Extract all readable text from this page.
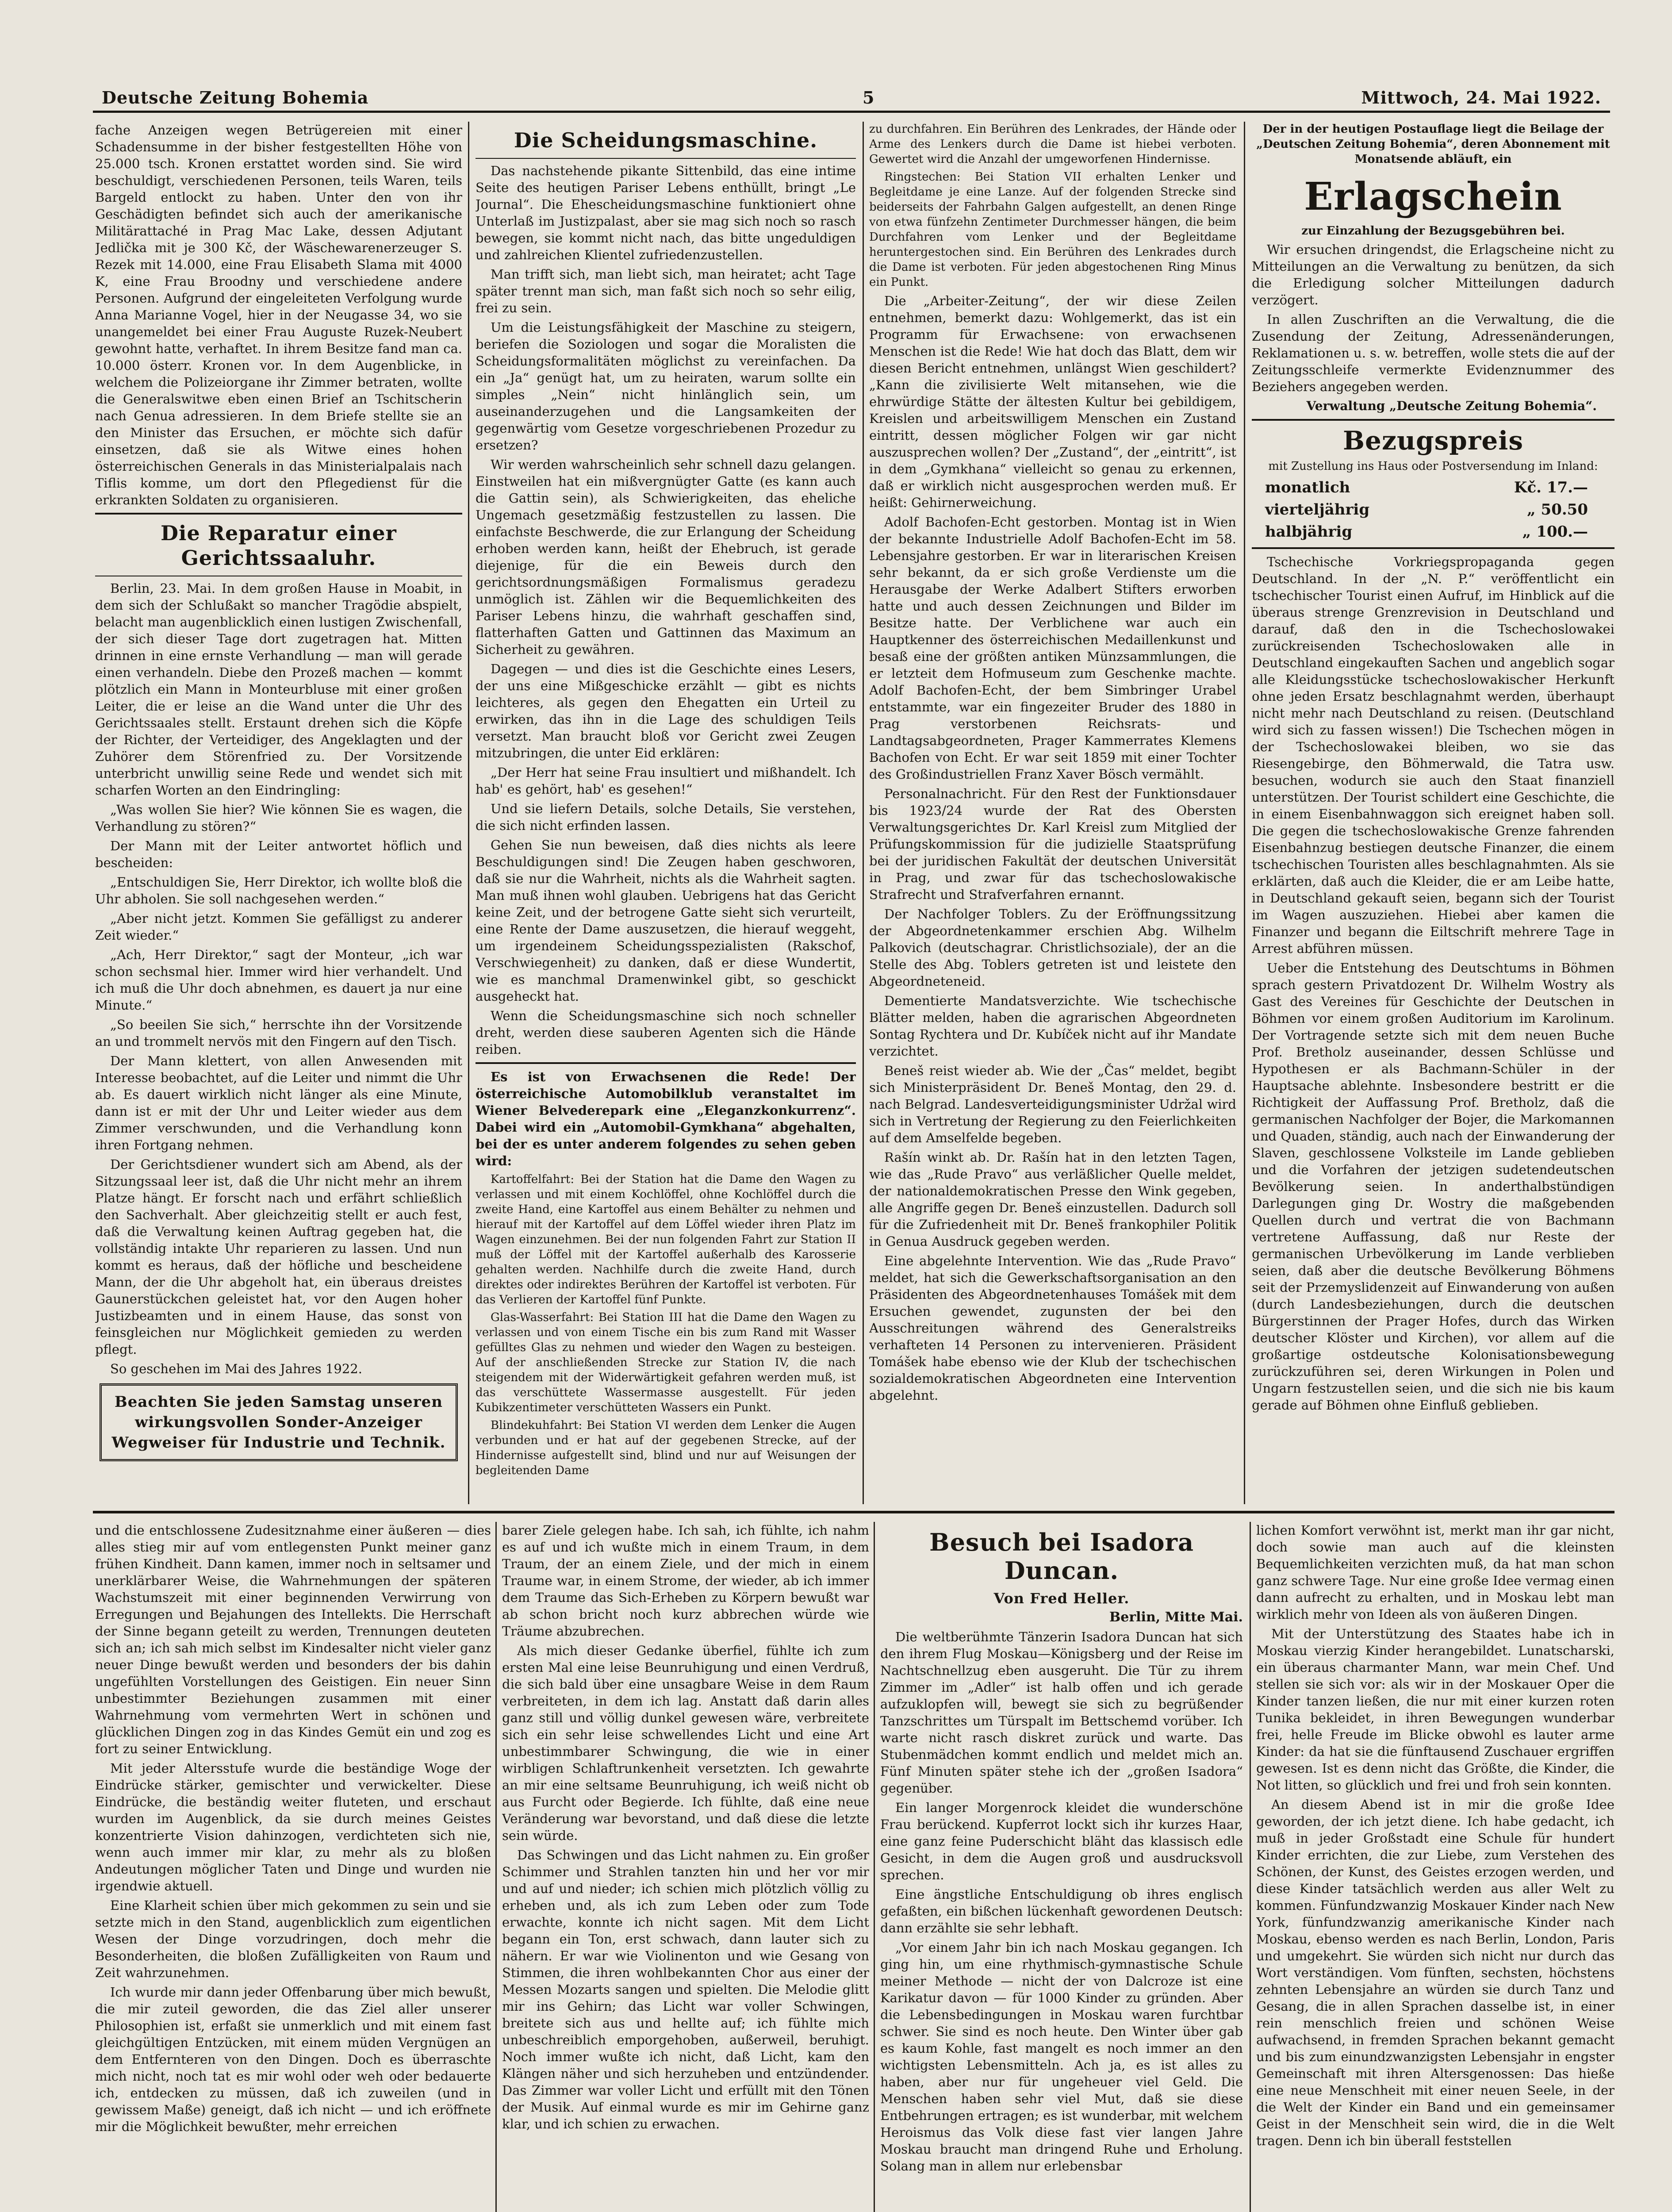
Deutsche Zeitung Bohemia	5	Mittwoch, 24. Mai 1922.

fache Anzeigen wegen Betrügereien mit einer Schadensumme in der bisher festgestellten Höhe von 25.000 tsch. Kronen erstattet worden sind. Sie wird beschuldigt, verschiedenen Personen, teils Waren, teils Bargeld entlockt zu haben. Unter den von ihr Geschädigten befindet sich auch der amerikanische Militärattaché in Prag Mac Lake, dessen Adjutant Jedlička mit je 300 Kč, der Wäschewarenerzeuger S. Rezek mit 14.000, eine Frau Elisabeth Slama mit 4000 K, eine Frau Broodny und verschiedene andere Personen. Aufgrund der eingeleiteten Verfolgung wurde Anna Marianne Vogel, hier in der Neugasse 34, wo sie unangemeldet bei einer Frau Auguste Ruzek-Neubert gewohnt hatte, verhaftet. In ihrem Besitze fand man ca. 10.000 österr. Kronen vor. In dem Augenblicke, in welchem die Polizeiorgane ihr Zimmer betraten, wollte die Generalswitwe eben einen Brief an Tschitscherin nach Genua adressieren. In dem Briefe stellte sie an den Minister das Ersuchen, er möchte sich dafür einsetzen, daß sie als Witwe eines hohen österreichischen Generals in das Ministerialpalais nach Tiflis komme, um dort den Pflegedienst für die erkrankten Soldaten zu organisieren.

Die Reparatur einer Gerichtssaaluhr.

Berlin, 23. Mai. In dem großen Hause in Moabit, in dem sich der Schlußakt so mancher Tragödie abspielt, belacht man augenblicklich einen lustigen Zwischenfall, der sich dieser Tage dort zugetragen hat. Mitten drinnen in eine ernste Verhandlung — man will gerade einen verhandeln. Diebe den Prozeß machen — kommt plötzlich ein Mann in Monteurbluse mit einer großen Leiter, die er leise an die Wand unter die Uhr des Gerichtssaales stellt. Erstaunt drehen sich die Köpfe der Richter, der Verteidiger, des Angeklagten und der Zuhörer dem Störenfried zu. Der Vorsitzende unterbricht unwillig seine Rede und wendet sich mit scharfen Worten an den Eindringling:

„Was wollen Sie hier? Wie können Sie es wagen, die Verhandlung zu stören?“

Der Mann mit der Leiter antwortet höflich und bescheiden:

„Entschuldigen Sie, Herr Direktor, ich wollte bloß die Uhr abholen. Sie soll nachgesehen werden.“

„Aber nicht jetzt. Kommen Sie gefälligst zu anderer Zeit wieder.“

„Ach, Herr Direktor,“ sagt der Monteur, „ich war schon sechsmal hier. Immer wird hier verhandelt. Und ich muß die Uhr doch abnehmen, es dauert ja nur eine Minute.“

„So beeilen Sie sich,“ herrschte ihn der Vorsitzende an und trommelt nervös mit den Fingern auf den Tisch.

Der Mann klettert, von allen Anwesenden mit Interesse beobachtet, auf die Leiter und nimmt die Uhr ab. Es dauert wirklich nicht länger als eine Minute, dann ist er mit der Uhr und Leiter wieder aus dem Zimmer verschwunden, und die Verhandlung konn ihren Fortgang nehmen.

Der Gerichtsdiener wundert sich am Abend, als der Sitzungssaal leer ist, daß die Uhr nicht mehr an ihrem Platze hängt. Er forscht nach und erfährt schließlich den Sachverhalt. Aber gleichzeitig stellt er auch fest, daß die Verwaltung keinen Auftrag gegeben hat, die vollständig intakte Uhr reparieren zu lassen. Und nun kommt es heraus, daß der höfliche und bescheidene Mann, der die Uhr abgeholt hat, ein überaus dreistes Gaunerstückchen geleistet hat, vor den Augen hoher Justizbeamten und in einem Hause, das sonst von feinsgleichen nur Möglichkeit gemieden zu werden pflegt.

So geschehen im Mai des Jahres 1922.

Beachten Sie jeden Samstag unseren wirkungsvollen Sonder-Anzeiger Wegweiser für Industrie und Technik.
Die Scheidungsmaschine.

Das nachstehende pikante Sittenbild, das eine intime Seite des heutigen Pariser Lebens enthüllt, bringt „Le Journal“. Die Ehescheidungsmaschine funktioniert ohne Unterlaß im Justizpalast, aber sie mag sich noch so rasch bewegen, sie kommt nicht nach, das bitte ungeduldigen und zahlreichen Klientel zufriedenzustellen.

Man trifft sich, man liebt sich, man heiratet; acht Tage später trennt man sich, man faßt sich noch so sehr eilig, frei zu sein.

Um die Leistungsfähigkeit der Maschine zu steigern, beriefen die Soziologen und sogar die Moralisten die Scheidungsformalitäten möglichst zu vereinfachen. Da ein „Ja“ genügt hat, um zu heiraten, warum sollte ein simples „Nein“ nicht hinlänglich sein, um auseinanderzugehen und die Langsamkeiten der gegenwärtig vom Gesetze vorgeschriebenen Prozedur zu ersetzen?

Wir werden wahrscheinlich sehr schnell dazu gelangen. Einstweilen hat ein mißvergnügter Gatte (es kann auch die Gattin sein), als Schwierigkeiten, das eheliche Ungemach gesetzmäßig festzustellen zu lassen. Die einfachste Beschwerde, die zur Erlangung der Scheidung erhoben werden kann, heißt der Ehebruch, ist gerade diejenige, für die ein Beweis durch den gerichtsordnungsmäßigen Formalismus geradezu unmöglich ist. Zählen wir die Bequemlichkeiten des Pariser Lebens hinzu, die wahrhaft geschaffen sind, flatterhaften Gatten und Gattinnen das Maximum an Sicherheit zu gewähren.

Dagegen — und dies ist die Geschichte eines Lesers, der uns eine Mißgeschicke erzählt — gibt es nichts leichteres, als gegen den Ehegatten ein Urteil zu erwirken, das ihn in die Lage des schuldigen Teils versetzt. Man braucht bloß vor Gericht zwei Zeugen mitzubringen, die unter Eid erklären:

„Der Herr hat seine Frau insultiert und mißhandelt. Ich hab' es gehört, hab' es gesehen!“

Und sie liefern Details, solche Details, Sie verstehen, die sich nicht erfinden lassen.

Gehen Sie nun beweisen, daß dies nichts als leere Beschuldigungen sind! Die Zeugen haben geschworen, daß sie nur die Wahrheit, nichts als die Wahrheit sagten. Man muß ihnen wohl glauben. Uebrigens hat das Gericht keine Zeit, und der betrogene Gatte sieht sich verurteilt, eine Rente der Dame auszusetzen, die hierauf weggeht, um irgendeinem Scheidungsspezialisten (Rakschof, Verschwiegenheit) zu danken, daß er diese Wundertit, wie es manchmal Dramenwinkel gibt, so geschickt ausgeheckt hat.

Wenn die Scheidungsmaschine sich noch schneller dreht, werden diese sauberen Agenten sich die Hände reiben.

Es ist von Erwachsenen die Rede! Der österreichische Automobilklub veranstaltet im Wiener Belvederepark eine „Eleganzkonkurrenz“. Dabei wird ein „Automobil-Gymkhana“ abgehalten, bei der es unter anderem folgendes zu sehen geben wird:

Kartoffelfahrt: Bei der Station hat die Dame den Wagen zu verlassen und mit einem Kochlöffel, ohne Kochlöffel durch die zweite Hand, eine Kartoffel aus einem Behälter zu nehmen und hierauf mit der Kartoffel auf dem Löffel wieder ihren Platz im Wagen einzunehmen. Bei der nun folgenden Fahrt zur Station II muß der Löffel mit der Kartoffel außerhalb des Karosserie gehalten werden. Nachhilfe durch die zweite Hand, durch direktes oder indirektes Berühren der Kartoffel ist verboten. Für das Verlieren der Kartoffel fünf Punkte.

Glas-Wasserfahrt: Bei Station III hat die Dame den Wagen zu verlassen und von einem Tische ein bis zum Rand mit Wasser gefülltes Glas zu nehmen und wieder den Wagen zu besteigen. Auf der anschließenden Strecke zur Station IV, die nach steigendem mit der Widerwärtigkeit gefahren werden muß, ist das verschüttete Wassermasse ausgestellt. Für jeden Kubikzentimeter verschütteten Wassers ein Punkt.

Blindekuhfahrt: Bei Station VI werden dem Lenker die Augen verbunden und er hat auf der gegebenen Strecke, auf der Hindernisse aufgestellt sind, blind und nur auf Weisungen der begleitenden Dame

zu durchfahren. Ein Berühren des Lenkrades, der Hände oder Arme des Lenkers durch die Dame ist hiebei verboten. Gewertet wird die Anzahl der umgeworfenen Hindernisse.

Ringstechen: Bei Station VII erhalten Lenker und Begleitdame je eine Lanze. Auf der folgenden Strecke sind beiderseits der Fahrbahn Galgen aufgestellt, an denen Ringe von etwa fünfzehn Zentimeter Durchmesser hängen, die beim Durchfahren vom Lenker und der Begleitdame heruntergestochen sind. Ein Berühren des Lenkrades durch die Dame ist verboten. Für jeden abgestochenen Ring Minus ein Punkt.

Die „Arbeiter-Zeitung“, der wir diese Zeilen entnehmen, bemerkt dazu: Wohlgemerkt, das ist ein Programm für Erwachsene: von erwachsenen Menschen ist die Rede! Wie hat doch das Blatt, dem wir diesen Bericht entnehmen, unlängst Wien geschildert? „Kann die zivilisierte Welt mitansehen, wie die ehrwürdige Stätte der ältesten Kultur bei gebildigem, Kreislen und arbeitswilligem Menschen ein Zustand eintritt, dessen möglicher Folgen wir gar nicht auszusprechen wollen? Der „Zustand“, der „eintritt“, ist in dem „Gymkhana“ vielleicht so genau zu erkennen, daß er wirklich nicht ausgesprochen werden muß. Er heißt: Gehirnerweichung.

Adolf Bachofen-Echt gestorben. Montag ist in Wien der bekannte Industrielle Adolf Bachofen-Echt im 58. Lebensjahre gestorben. Er war in literarischen Kreisen sehr bekannt, da er sich große Verdienste um die Herausgabe der Werke Adalbert Stifters erworben hatte und auch dessen Zeichnungen und Bilder im Besitze hatte. Der Verblichene war auch ein Hauptkenner des österreichischen Medaillenkunst und besaß eine der größten antiken Münzsammlungen, die er letzteit dem Hofmuseum zum Geschenke machte. Adolf Bachofen-Echt, der bem Simbringer Urabel entstammte, war ein fingezeiter Bruder des 1880 in Prag verstorbenen Reichsrats- und Landtagsabgeordneten, Prager Kammerrates Klemens Bachofen von Echt. Er war seit 1859 mit einer Tochter des Großindustriellen Franz Xaver Bösch vermählt.

Personalnachricht. Für den Rest der Funktionsdauer bis 1923/24 wurde der Rat des Obersten Verwaltungsgerichtes Dr. Karl Kreisl zum Mitglied der Prüfungskommission für die judizielle Staatsprüfung bei der juridischen Fakultät der deutschen Universität in Prag, und zwar für das tschechoslowakische Strafrecht und Strafverfahren ernannt.

Der Nachfolger Toblers. Zu der Eröffnungssitzung der Abgeordnetenkammer erschien Abg. Wilhelm Palkovich (deutschagrar. Christlichsoziale), der an die Stelle des Abg. Toblers getreten ist und leistete den Abgeordneteneid.

Dementierte Mandatsverzichte. Wie tschechische Blätter melden, haben die agrarischen Abgeordneten Sontag Rychtera und Dr. Kubíček nicht auf ihr Mandate verzichtet.

Beneš reist wieder ab. Wie der „Čas“ meldet, begibt sich Ministerpräsident Dr. Beneš Montag, den 29. d. nach Belgrad. Landesverteidigungsminister Udržal wird sich in Vertretung der Regierung zu den Feierlichkeiten auf dem Amselfelde begeben.

Rašín winkt ab. Dr. Rašín hat in den letzten Tagen, wie das „Rude Pravo“ aus verläßlicher Quelle meldet, der nationaldemokratischen Presse den Wink gegeben, alle Angriffe gegen Dr. Beneš einzustellen. Dadurch soll für die Zufriedenheit mit Dr. Beneš frankophiler Politik in Genua Ausdruck gegeben werden.

Eine abgelehnte Intervention. Wie das „Rude Pravo“ meldet, hat sich die Gewerkschaftsorganisation an den Präsidenten des Abgeordnetenhauses Tomášek mit dem Ersuchen gewendet, zugunsten der bei den Ausschreitungen während des Generalstreiks verhafteten 14 Personen zu intervenieren. Präsident Tomášek habe ebenso wie der Klub der tschechischen sozialdemokratischen Abgeordneten eine Intervention abgelehnt.

Der in der heutigen Postauflage liegt die Beilage der „Deutschen Zeitung Bohemia“, deren Abonnement mit Monatsende abläuft, ein

Erlagschein

zur Einzahlung der Bezugsgebühren bei.

Wir ersuchen dringendst, die Erlagscheine nicht zu Mitteilungen an die Verwaltung zu benützen, da sich die Erledigung solcher Mitteilungen dadurch verzögert.

In allen Zuschriften an die Verwaltung, die die Zusendung der Zeitung, Adressenänderungen, Reklamationen u. s. w. betreffen, wolle stets die auf der Zeitungsschleife vermerkte Evidenznummer des Beziehers angegeben werden.

Verwaltung „Deutsche Zeitung Bohemia“.

Bezugspreis

mit Zustellung ins Haus oder Postversendung im Inland:

monatlich	Kč. 17.—
vierteljährig	„ 50.50
halbjährig	„ 100.—

Tschechische Vorkriegspropaganda gegen Deutschland. In der „N. P.“ veröffentlicht ein tschechischer Tourist einen Aufruf, im Hinblick auf die überaus strenge Grenzrevision in Deutschland und darauf, daß den in die Tschechoslowakei zurückreisenden Tschechoslowaken alle in Deutschland eingekauften Sachen und angeblich sogar alle Kleidungsstücke tschechoslowakischer Herkunft ohne jeden Ersatz beschlagnahmt werden, überhaupt nicht mehr nach Deutschland zu reisen. (Deutschland wird sich zu fassen wissen!) Die Tschechen mögen in der Tschechoslowakei bleiben, wo sie das Riesengebirge, den Böhmerwald, die Tatra usw. besuchen, wodurch sie auch den Staat finanziell unterstützen. Der Tourist schildert eine Geschichte, die in einem Eisenbahnwaggon sich ereignet haben soll. Die gegen die tschechoslowakische Grenze fahrenden Eisenbahnzug bestiegen deutsche Finanzer, die einem tschechischen Touristen alles beschlagnahmten. Als sie erklärten, daß auch die Kleider, die er am Leibe hatte, in Deutschland gekauft seien, begann sich der Tourist im Wagen auszuziehen. Hiebei aber kamen die Finanzer und begann die Eiltschrift mehrere Tage in Arrest abführen müssen.

Ueber die Entstehung des Deutschtums in Böhmen sprach gestern Privatdozent Dr. Wilhelm Wostry als Gast des Vereines für Geschichte der Deutschen in Böhmen vor einem großen Auditorium im Karolinum. Der Vortragende setzte sich mit dem neuen Buche Prof. Bretholz auseinander, dessen Schlüsse und Hypothesen er als Bachmann-Schüler in der Hauptsache ablehnte. Insbesondere bestritt er die Richtigkeit der Auffassung Prof. Bretholz, daß die germanischen Nachfolger der Bojer, die Markomannen und Quaden, ständig, auch nach der Einwanderung der Slaven, geschlossene Volksteile im Lande geblieben und die Vorfahren der jetzigen sudetendeutschen Bevölkerung seien. In anderthalbstündigen Darlegungen ging Dr. Wostry die maßgebenden Quellen durch und vertrat die von Bachmann vertretene Auffassung, daß nur Reste der germanischen Urbevölkerung im Lande verblieben seien, daß aber die deutsche Bevölkerung Böhmens seit der Przemyslidenzeit auf Einwanderung von außen (durch Landesbeziehungen, durch die deutschen Bürgerstinnen der Prager Hofes, durch das Wirken deutscher Klöster und Kirchen), vor allem auf die großartige ostdeutsche Kolonisationsbewegung zurückzuführen sei, deren Wirkungen in Polen und Ungarn festzustellen seien, und die sich nie bis kaum gerade auf Böhmen ohne Einfluß geblieben.

und die entschlossene Zudesitznahme einer äußeren — dies alles stieg mir auf vom entlegensten Punkt meiner ganz frühen Kindheit. Dann kamen, immer noch in seltsamer und unerklärbarer Weise, die Wahrnehmungen der späteren Wachstumszeit mit einer beginnenden Verwirrung von Erregungen und Bejahungen des Intellekts. Die Herrschaft der Sinne begann geteilt zu werden, Trennungen deuteten sich an; ich sah mich selbst im Kindesalter nicht vieler ganz neuer Dinge bewußt werden und besonders der bis dahin ungefühlten Vorstellungen des Geistigen. Ein neuer Sinn unbestimmter Beziehungen zusammen mit einer Wahrnehmung vom vermehrten Wert in schönen und glücklichen Dingen zog in das Kindes Gemüt ein und zog es fort zu seiner Entwicklung.

Mit jeder Altersstufe wurde die beständige Woge der Eindrücke stärker, gemischter und verwickelter. Diese Eindrücke, die beständig weiter fluteten, und erschaut wurden im Augenblick, da sie durch meines Geistes konzentrierte Vision dahinzogen, verdichteten sich nie, wenn auch immer mir klar, zu mehr als zu bloßen Andeutungen möglicher Taten und Dinge und wurden nie irgendwie aktuell.

Eine Klarheit schien über mich gekommen zu sein und sie setzte mich in den Stand, augenblicklich zum eigentlichen Wesen der Dinge vorzudringen, doch mehr die Besonderheiten, die bloßen Zufälligkeiten von Raum und Zeit wahrzunehmen.

Ich wurde mir dann jeder Offenbarung über mich bewußt, die mir zuteil geworden, die das Ziel aller unserer Philosophien ist, erfaßt sie unmerklich und mit einem fast gleichgültigen Entzücken, mit einem müden Vergnügen an dem Entfernteren von den Dingen. Doch es überraschte mich nicht, noch tat es mir wohl oder weh oder bedauerte ich, entdecken zu müssen, daß ich zuweilen (und in gewissem Maße) geneigt, daß ich nicht — und ich eröffnete mir die Möglichkeit bewußter, mehr erreichen

barer Ziele gelegen habe. Ich sah, ich fühlte, ich nahm es auf und ich wußte mich in einem Traum, in dem Traum, der an einem Ziele, und der mich in einem Traume war, in einem Strome, der wieder, ab ich immer dem Traume das Sich-Erheben zu Körpern bewußt war ab schon bricht noch kurz abbrechen würde wie Träume abzubrechen.

Als mich dieser Gedanke überfiel, fühlte ich zum ersten Mal eine leise Beunruhigung und einen Verdruß, die sich bald über eine unsagbare Weise in dem Raum verbreiteten, in dem ich lag. Anstatt daß darin alles ganz still und völlig dunkel gewesen wäre, verbreitete sich ein sehr leise schwellendes Licht und eine Art unbestimmbarer Schwingung, die wie in einer wirbligen Schlaftrunkenheit versetzten. Ich gewahrte an mir eine seltsame Beunruhigung, ich weiß nicht ob aus Furcht oder Begierde. Ich fühlte, daß eine neue Veränderung war bevorstand, und daß diese die letzte sein würde.

Das Schwingen und das Licht nahmen zu. Ein großer Schimmer und Strahlen tanzten hin und her vor mir und auf und nieder; ich schien mich plötzlich völlig zu erheben und, als ich zum Leben oder zum Tode erwachte, konnte ich nicht sagen. Mit dem Licht begann ein Ton, erst schwach, dann lauter sich zu nähern. Er war wie Violinenton und wie Gesang von Stimmen, die ihren wohlbekannten Chor aus einer der Messen Mozarts sangen und spielten. Die Melodie glitt mir ins Gehirn; das Licht war voller Schwingen, breitete sich aus und hellte auf; ich fühlte mich unbeschreiblich emporgehoben, außerweil, beruhigt. Noch immer wußte ich nicht, daß Licht, kam den Klängen näher und sich herzuheben und entzündender. Das Zimmer war voller Licht und erfüllt mit den Tönen der Musik. Auf einmal wurde es mir im Gehirne ganz klar, und ich schien zu erwachen.

Besuch bei Isadora Duncan.
Von Fred Heller.
Berlin, Mitte Mai.

Die weltberühmte Tänzerin Isadora Duncan hat sich den ihrem Flug Moskau—Königsberg und der Reise im Nachtschnellzug eben ausgeruht. Die Tür zu ihrem Zimmer im „Adler“ ist halb offen und ich gerade aufzuklopfen will, bewegt sie sich zu begrüßender Tanzschrittes um Türspalt im Bettschemd vorüber. Ich warte nicht rasch diskret zurück und warte. Das Stubenmädchen kommt endlich und meldet mich an. Fünf Minuten später stehe ich der „großen Isadora“ gegenüber.

Ein langer Morgenrock kleidet die wunderschöne Frau berückend. Kupferrot lockt sich ihr kurzes Haar, eine ganz feine Puderschicht bläht das klassisch edle Gesicht, in dem die Augen groß und ausdrucksvoll sprechen.

Eine ängstliche Entschuldigung ob ihres englisch gefaßten, ein bißchen lückenhaft gewordenen Deutsch: dann erzählte sie sehr lebhaft.

„Vor einem Jahr bin ich nach Moskau gegangen. Ich ging hin, um eine rhythmisch-gymnastische Schule meiner Methode — nicht der von Dalcroze ist eine Karikatur davon — für 1000 Kinder zu gründen. Aber die Lebensbedingungen in Moskau waren furchtbar schwer. Sie sind es noch heute. Den Winter über gab es kaum Kohle, fast mangelt es noch immer an den wichtigsten Lebensmitteln. Ach ja, es ist alles zu haben, aber nur für ungeheuer viel Geld. Die Menschen haben sehr viel Mut, daß sie diese Entbehrungen ertragen; es ist wunderbar, mit welchem Heroismus das Volk diese fast vier langen Jahre Moskau braucht man dringend Ruhe und Erholung. Solang man in allem nur erlebensbar

lichen Komfort verwöhnt ist, merkt man ihr gar nicht, doch sowie man auch auf die kleinsten Bequemlichkeiten verzichten muß, da hat man schon ganz schwere Tage. Nur eine große Idee vermag einen dann aufrecht zu erhalten, und in Moskau lebt man wirklich mehr von Ideen als von äußeren Dingen.

Mit der Unterstützung des Staates habe ich in Moskau vierzig Kinder herangebildet. Lunatscharski, ein überaus charmanter Mann, war mein Chef. Und stellen sie sich vor: als wir in der Moskauer Oper die Kinder tanzen ließen, die nur mit einer kurzen roten Tunika bekleidet, in ihren Bewegungen wunderbar frei, helle Freude im Blicke obwohl es lauter arme Kinder: da hat sie die fünftausend Zuschauer ergriffen gewesen. Ist es denn nicht das Größte, die Kinder, die Not litten, so glücklich und frei und froh sein konnten.

An diesem Abend ist in mir die große Idee geworden, der ich jetzt diene. Ich habe gedacht, ich muß in jeder Großstadt eine Schule für hundert Kinder errichten, die zur Liebe, zum Verstehen des Schönen, der Kunst, des Geistes erzogen werden, und diese Kinder tatsächlich werden aus aller Welt zu kommen. Fünfundzwanzig Moskauer Kinder nach New York, fünfundzwanzig amerikanische Kinder nach Moskau, ebenso werden es nach Berlin, London, Paris und umgekehrt. Sie würden sich nicht nur durch das Wort verständigen. Vom fünften, sechsten, höchstens zehnten Lebensjahre an würden sie durch Tanz und Gesang, die in allen Sprachen dasselbe ist, in einer rein menschlich freien und schönen Weise aufwachsend, in fremden Sprachen bekannt gemacht und bis zum einundzwanzigsten Lebensjahr in engster Gemeinschaft mit ihren Altersgenossen: Das hieße eine neue Menschheit mit einer neuen Seele, in der die Welt der Kinder ein Band und ein gemeinsamer Geist in der Menschheit sein wird, die in die Welt tragen. Denn ich bin überall feststellen
